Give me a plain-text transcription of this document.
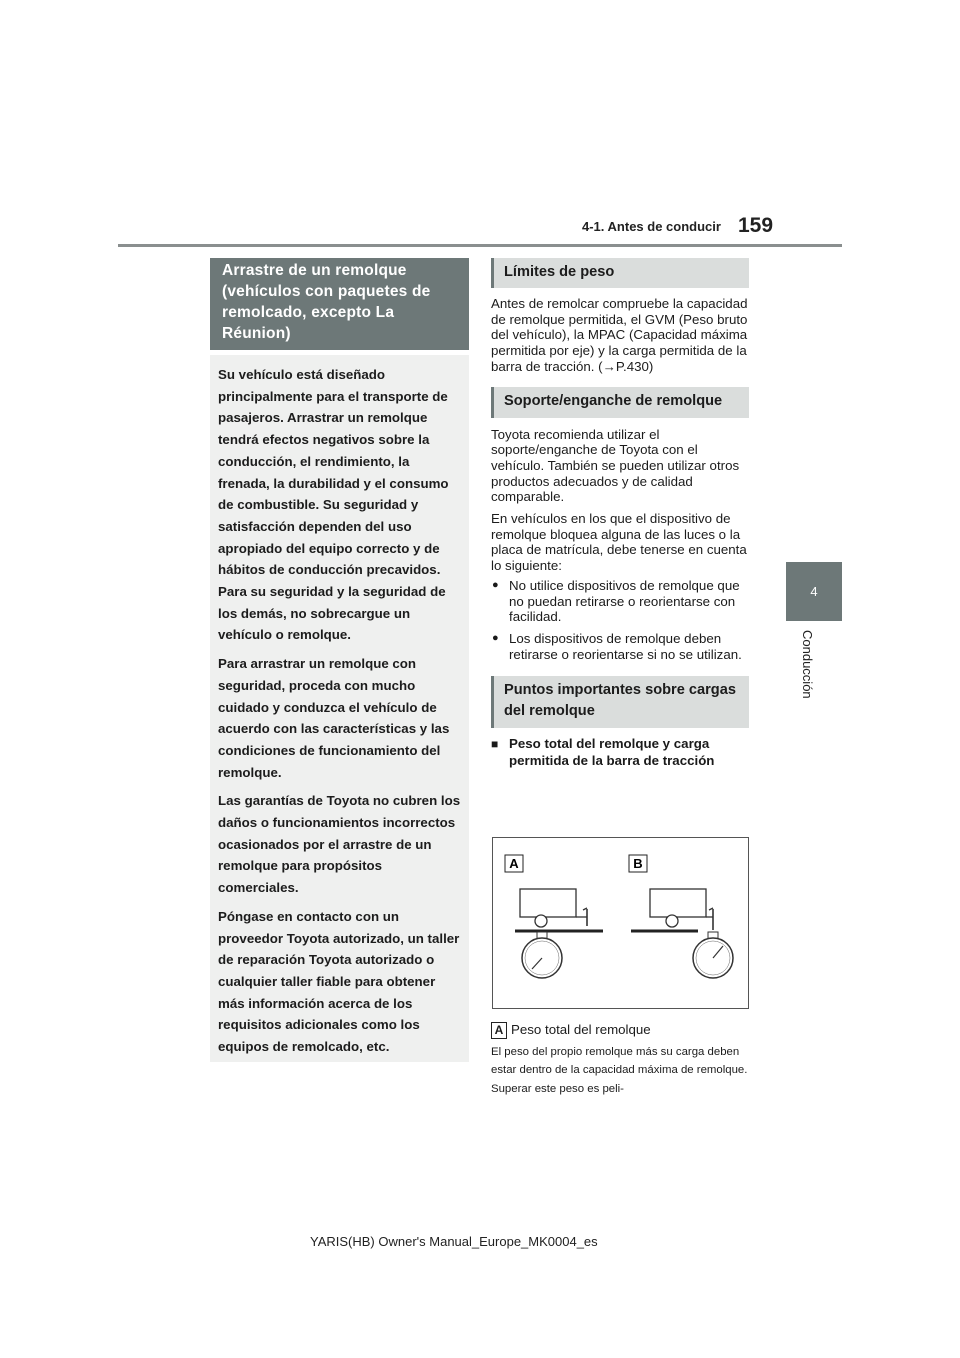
4-1. Antes de conducir 159
4
Conducción
Arrastre de un remolque (vehículos con paquetes de remolcado, excepto La Réunion)

Su vehículo está diseñado principalmente para el transporte de pasajeros. Arrastrar un remolque tendrá efectos negativos sobre la conducción, el rendimiento, la frenada, la durabilidad y el consumo de combustible. Su seguridad y satisfacción dependen del uso apropiado del equipo correcto y de hábitos de conducción precavidos. Para su seguridad y la seguridad de los demás, no sobrecargue un vehículo o remolque.

Para arrastrar un remolque con seguridad, proceda con mucho cuidado y conduzca el vehículo de acuerdo con las características y las condiciones de funcionamiento del remolque.

Las garantías de Toyota no cubren los daños o funcionamientos incorrectos ocasionados por el arrastre de un remolque para propósitos comerciales.

Póngase en contacto con un proveedor Toyota autorizado, un taller de reparación Toyota autorizado o cualquier taller fiable para obtener más información acerca de los requisitos adicionales como los equipos de remolcado, etc.

Límites de peso

Antes de remolcar compruebe la capacidad de remolque permitida, el GVM (Peso bruto del vehículo), la MPAC (Capacidad máxima permitida por eje) y la carga permitida de la barra de tracción. (→P.430)

Soporte/enganche de remolque

Toyota recomienda utilizar el soporte/enganche de Toyota con el vehículo. También se pueden utilizar otros productos adecuados y de calidad comparable.

En vehículos en los que el dispositivo de remolque bloquea alguna de las luces o la placa de matrícula, debe tenerse en cuenta lo siguiente:

● No utilice dispositivos de remolque que no puedan retirarse o reorientarse con facilidad.

● Los dispositivos de remolque deben retirarse o reorientarse si no se utilizan.

Puntos importantes sobre cargas del remolque

■ Peso total del remolque y carga permitida de la barra de tracción

A	B

A Peso total del remolque

El peso del propio remolque más su carga deben estar dentro de la capacidad máxima de remolque. Superar este peso es peli-

YARIS(HB) Owner's Manual_Europe_MK0004_es
